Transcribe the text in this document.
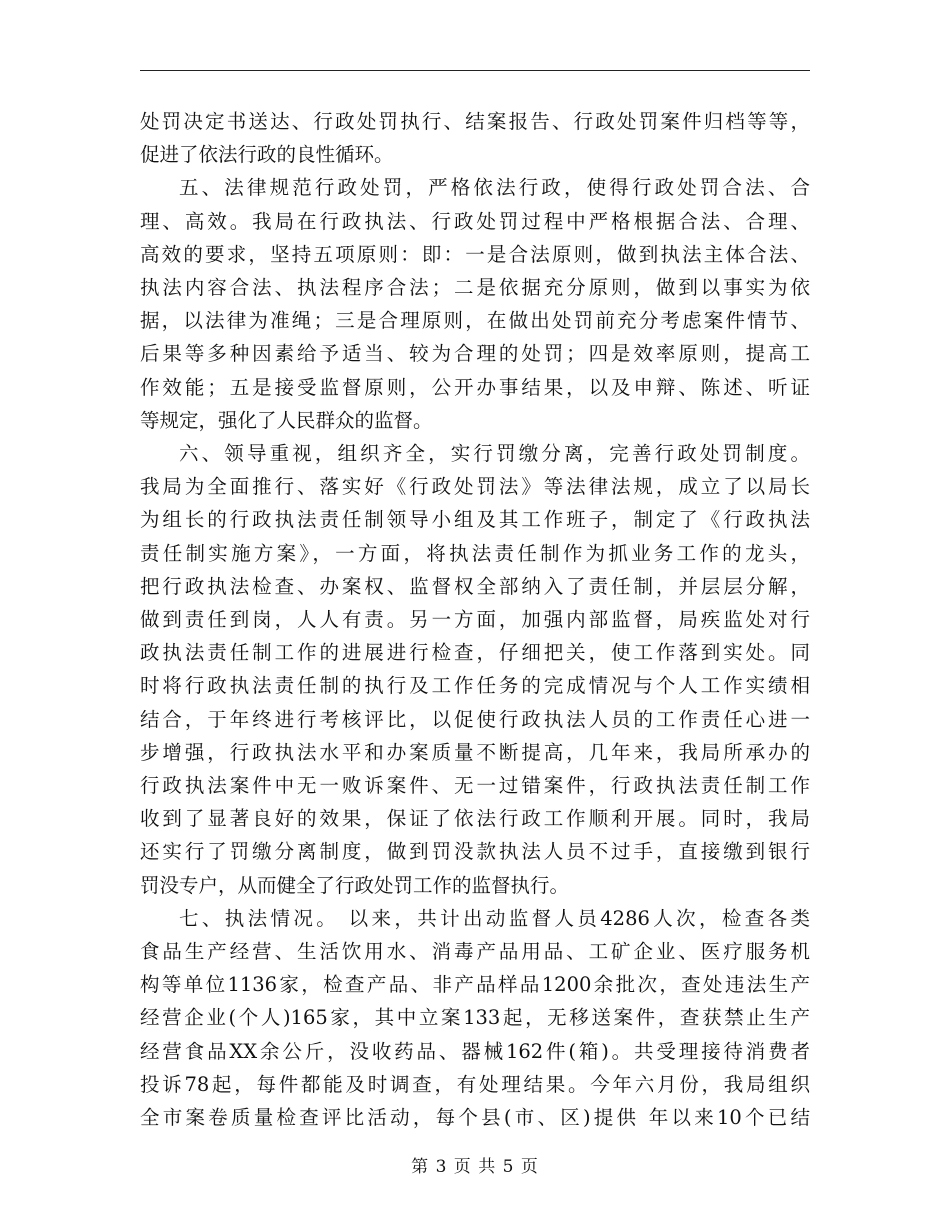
处罚决定书送达、行政处罚执行、结案报告、行政处罚案件归档等等，
促进了依法行政的良性循环。
五、法律规范行政处罚，严格依法行政，使得行政处罚合法、合
理、高效。我局在行政执法、行政处罚过程中严格根据合法、合理、
高效的要求，坚持五项原则：即：一是合法原则，做到执法主体合法、
执法内容合法、执法程序合法；二是依据充分原则，做到以事实为依
据，以法律为准绳；三是合理原则，在做出处罚前充分考虑案件情节、
后果等多种因素给予适当、较为合理的处罚；四是效率原则，提高工
作效能；五是接受监督原则，公开办事结果，以及申辩、陈述、听证
等规定，强化了人民群众的监督。
六、领导重视，组织齐全，实行罚缴分离，完善行政处罚制度。
我局为全面推行、落实好《行政处罚法》等法律法规，成立了以局长
为组长的行政执法责任制领导小组及其工作班子，制定了《行政执法
责任制实施方案》，一方面，将执法责任制作为抓业务工作的龙头，
把行政执法检查、办案权、监督权全部纳入了责任制，并层层分解，
做到责任到岗，人人有责。另一方面，加强内部监督，局疾监处对行
政执法责任制工作的进展进行检查，仔细把关，使工作落到实处。同
时将行政执法责任制的执行及工作任务的完成情况与个人工作实绩相
结合，于年终进行考核评比，以促使行政执法人员的工作责任心进一
步增强，行政执法水平和办案质量不断提高，几年来，我局所承办的
行政执法案件中无一败诉案件、无一过错案件，行政执法责任制工作
收到了显著良好的效果，保证了依法行政工作顺利开展。同时，我局
还实行了罚缴分离制度，做到罚没款执法人员不过手，直接缴到银行
罚没专户，从而健全了行政处罚工作的监督执行。
七、执法情况。 以来，共计出动监督人员4286人次，检查各类
食品生产经营、生活饮用水、消毒产品用品、工矿企业、医疗服务机
构等单位1136家，检查产品、非产品样品1200余批次，查处违法生产
经营企业(个人)165家，其中立案133起，无移送案件，查获禁止生产
经营食品XX余公斤，没收药品、器械162件(箱)。共受理接待消费者
投诉78起，每件都能及时调查，有处理结果。今年六月份，我局组织
全市案卷质量检查评比活动，每个县(市、区)提供 年以来10个已结
第 3 页 共 5 页
